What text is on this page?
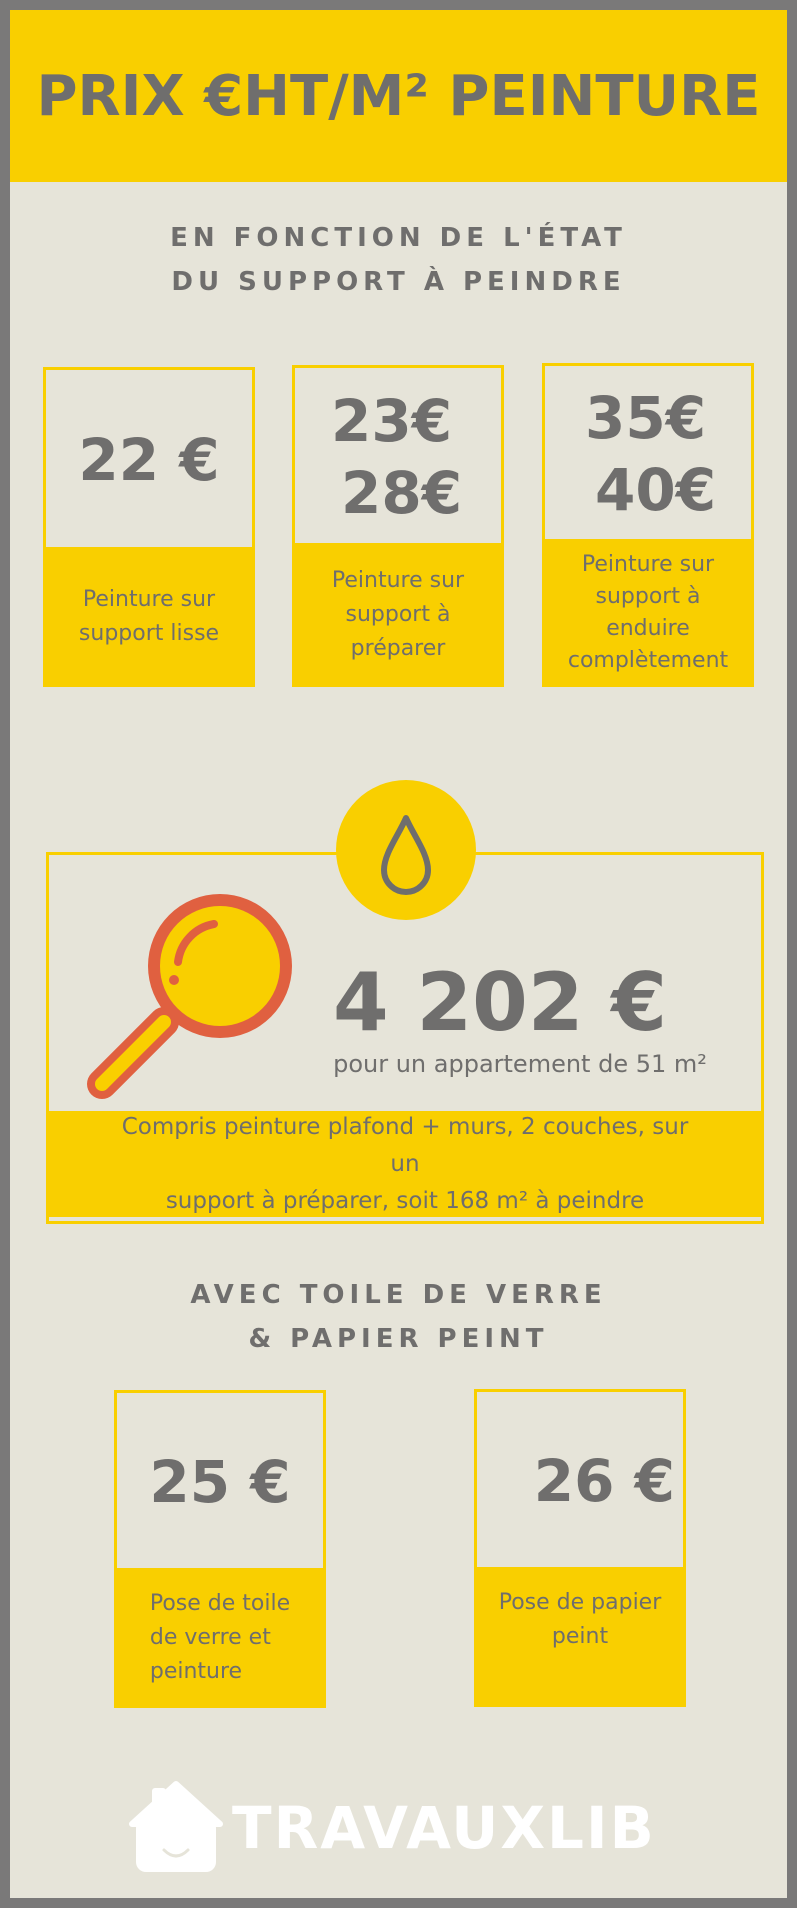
PRIX €HT/M² PEINTURE
EN FONCTION DE L'ÉTAT
DU SUPPORT À PEINDRE
22 €
Peinture sur
support lisse
23€
28€
Peinture sur
support à
préparer
35€
40€
Peinture sur
support à
enduire
complètement
4 202 €
pour un appartement de 51 m²
Compris peinture plafond + murs, 2 couches, sur un
support à préparer, soit 168 m² à peindre
AVEC TOILE DE VERRE
& PAPIER PEINT
25 €
Pose de toile
de verre et
peinture
26 €
Pose de papier
peint
TRAVAUXLIB
